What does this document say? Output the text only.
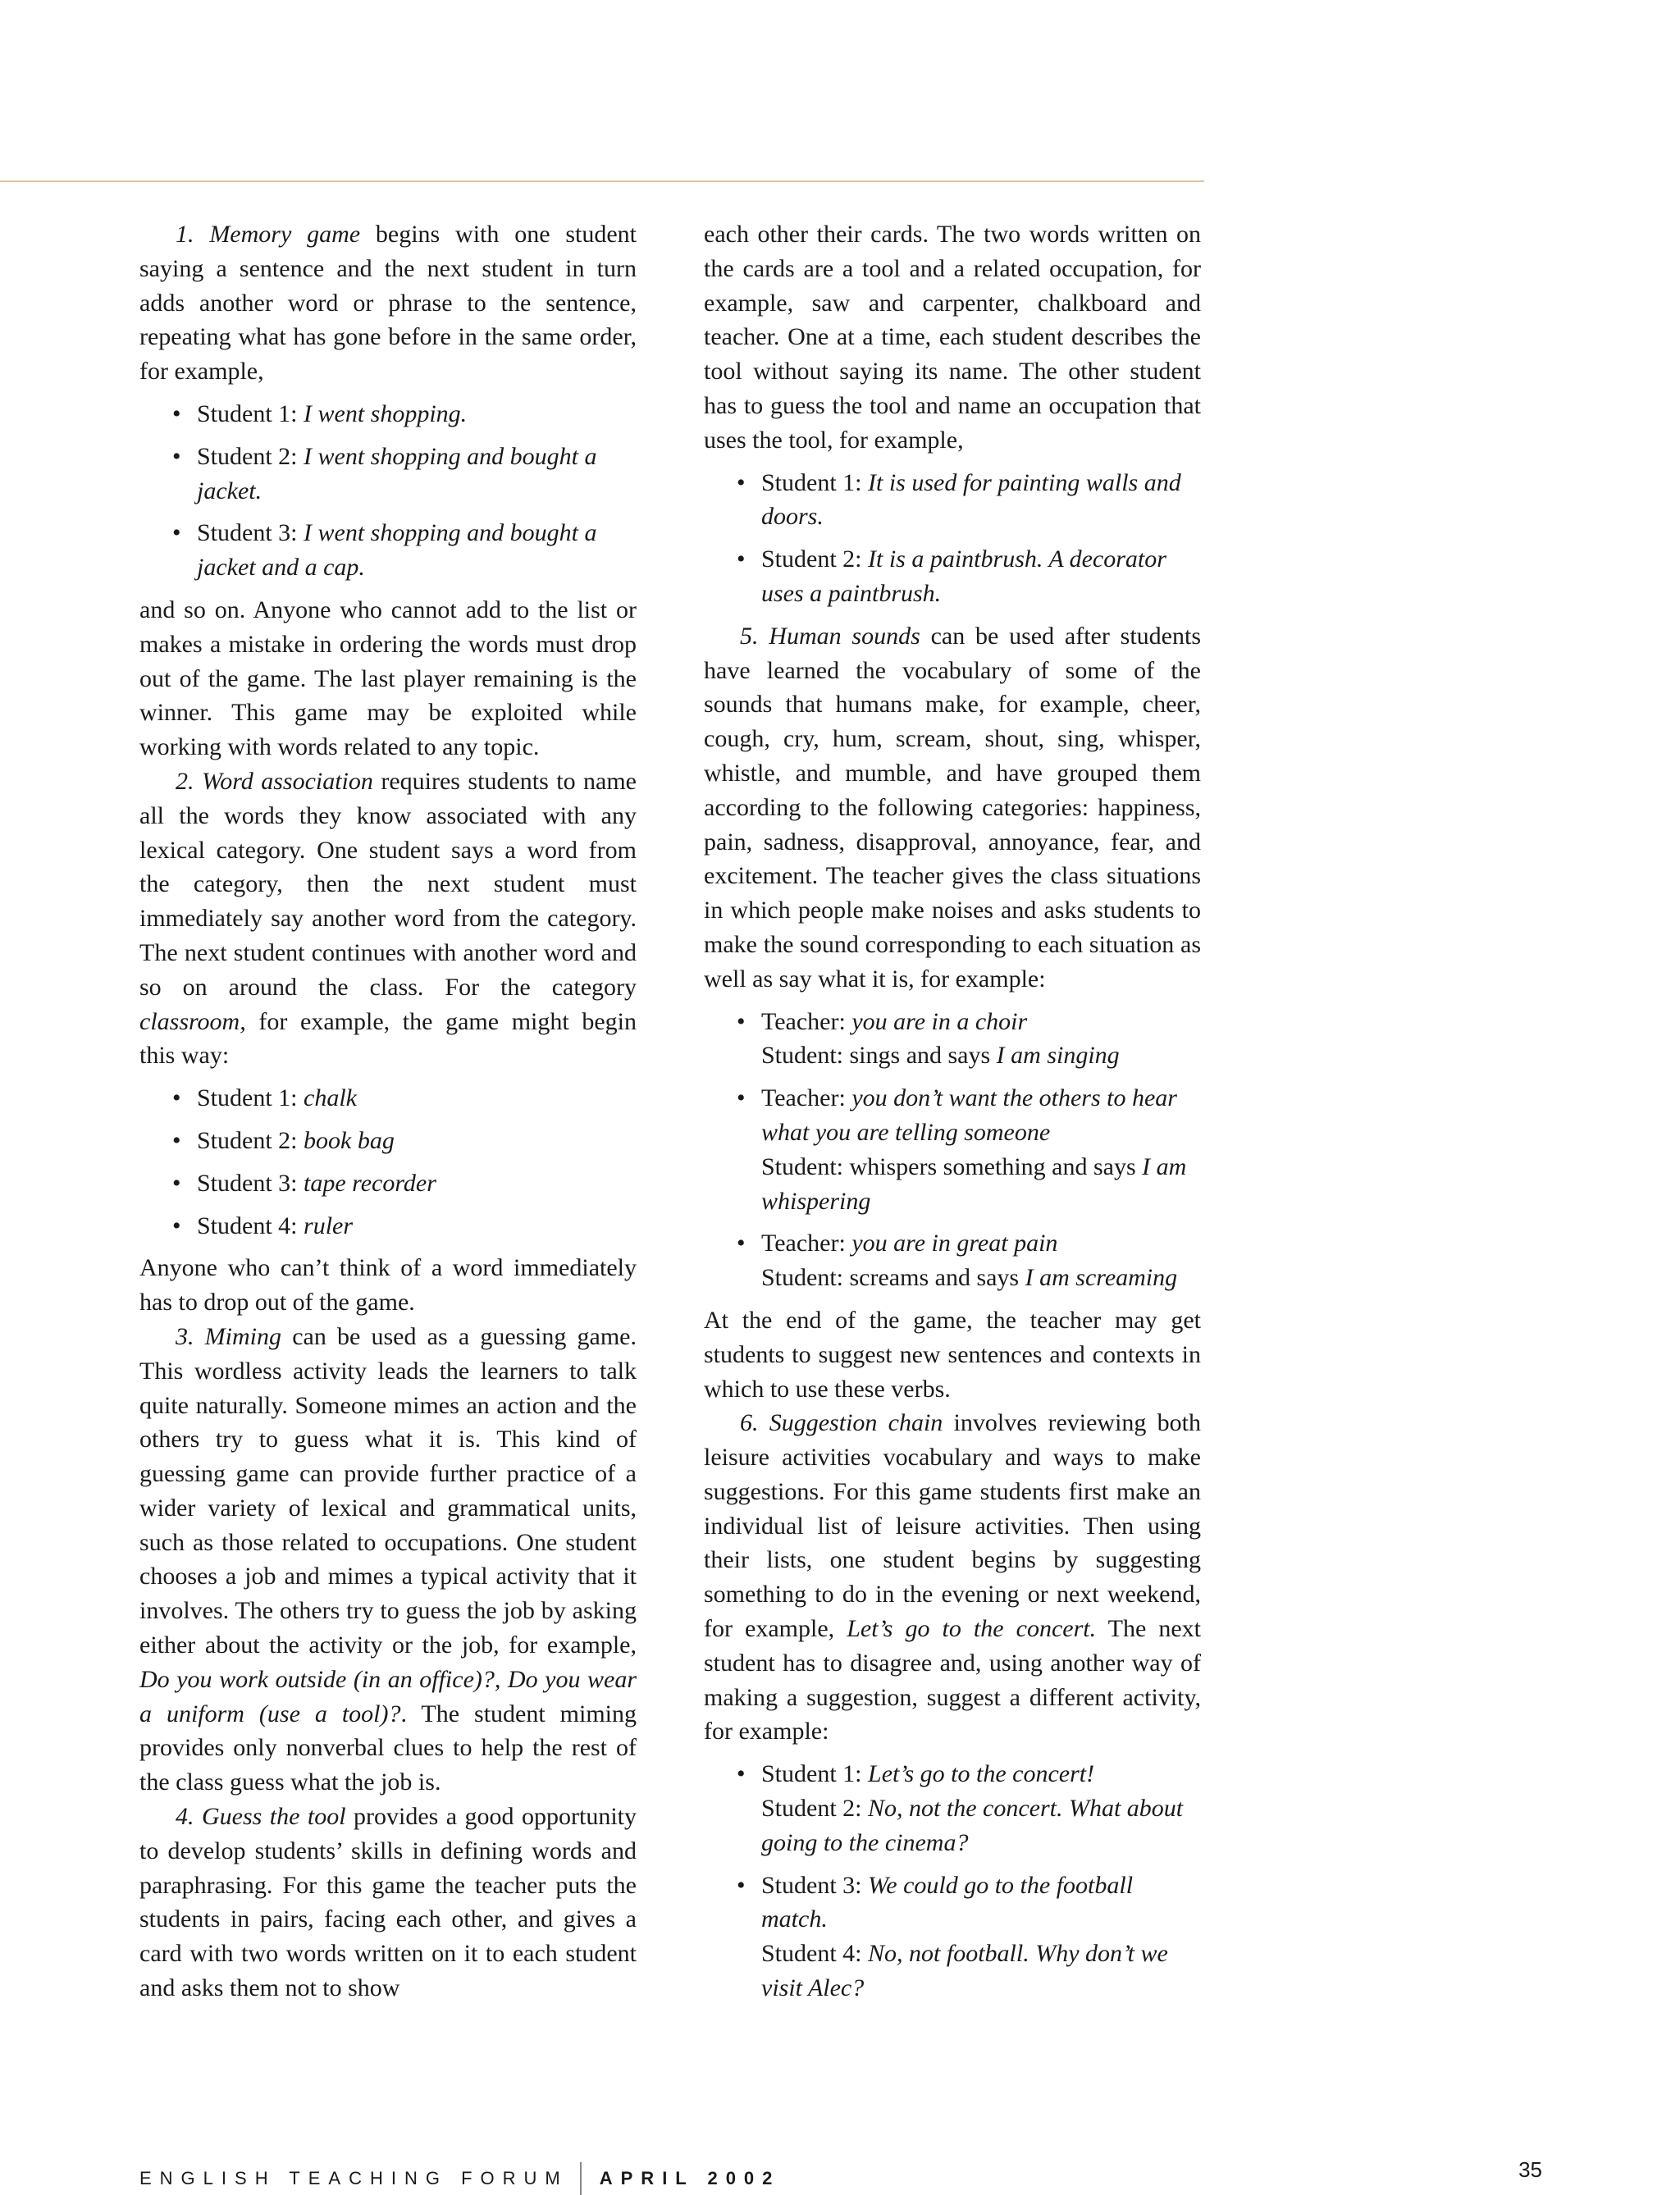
1. Memory game begins with one student saying a sentence and the next student in turn adds another word or phrase to the sentence, repeating what has gone before in the same order, for example,

• Student 1: I went shopping.
• Student 2: I went shopping and bought a jacket.
• Student 3: I went shopping and bought a jacket and a cap.

and so on. Anyone who cannot add to the list or makes a mistake in ordering the words must drop out of the game. The last player remaining is the winner. This game may be exploited while working with words related to any topic.

2. Word association requires students to name all the words they know associated with any lexical category. One student says a word from the category, then the next student must immediately say another word from the category. The next student continues with another word and so on around the class. For the category classroom, for example, the game might begin this way:

• Student 1: chalk
• Student 2: book bag
• Student 3: tape recorder
• Student 4: ruler

Anyone who can’t think of a word immediately has to drop out of the game.

3. Miming can be used as a guessing game. This wordless activity leads the learners to talk quite naturally. Someone mimes an action and the others try to guess what it is. This kind of guessing game can provide further practice of a wider variety of lexical and grammatical units, such as those related to occupations. One student chooses a job and mimes a typical activity that it involves. The others try to guess the job by asking either about the activity or the job, for example, Do you work outside (in an office)?, Do you wear a uniform (use a tool)?. The student miming provides only nonverbal clues to help the rest of the class guess what the job is.

4. Guess the tool provides a good opportunity to develop students’ skills in defining words and paraphrasing. For this game the teacher puts the students in pairs, facing each other, and gives a card with two words written on it to each student and asks them not to show

each other their cards. The two words written on the cards are a tool and a related occupation, for example, saw and carpenter, chalkboard and teacher. One at a time, each student describes the tool without saying its name. The other student has to guess the tool and name an occupation that uses the tool, for example,

• Student 1: It is used for painting walls and doors.
• Student 2: It is a paintbrush. A decorator uses a paintbrush.

5. Human sounds can be used after students have learned the vocabulary of some of the sounds that humans make, for example, cheer, cough, cry, hum, scream, shout, sing, whisper, whistle, and mumble, and have grouped them according to the following categories: happiness, pain, sadness, disapproval, annoyance, fear, and excitement. The teacher gives the class situations in which people make noises and asks students to make the sound corresponding to each situation as well as say what it is, for example:

• Teacher: you are in a choir
Student: sings and says I am singing
• Teacher: you don’t want the others to hear what you are telling someone
Student: whispers something and says I am whispering
• Teacher: you are in great pain
Student: screams and says I am screaming

At the end of the game, the teacher may get students to suggest new sentences and contexts in which to use these verbs.

6. Suggestion chain involves reviewing both leisure activities vocabulary and ways to make suggestions. For this game students first make an individual list of leisure activities. Then using their lists, one student begins by suggesting something to do in the evening or next weekend, for example, Let’s go to the concert. The next student has to disagree and, using another way of making a suggestion, suggest a different activity, for example:

• Student 1: Let’s go to the concert!
Student 2: No, not the concert. What about going to the cinema?
• Student 3: We could go to the football match.
Student 4: No, not football. Why don’t we visit Alec?
ENGLISH TEACHING FORUM APRIL 2002	35
